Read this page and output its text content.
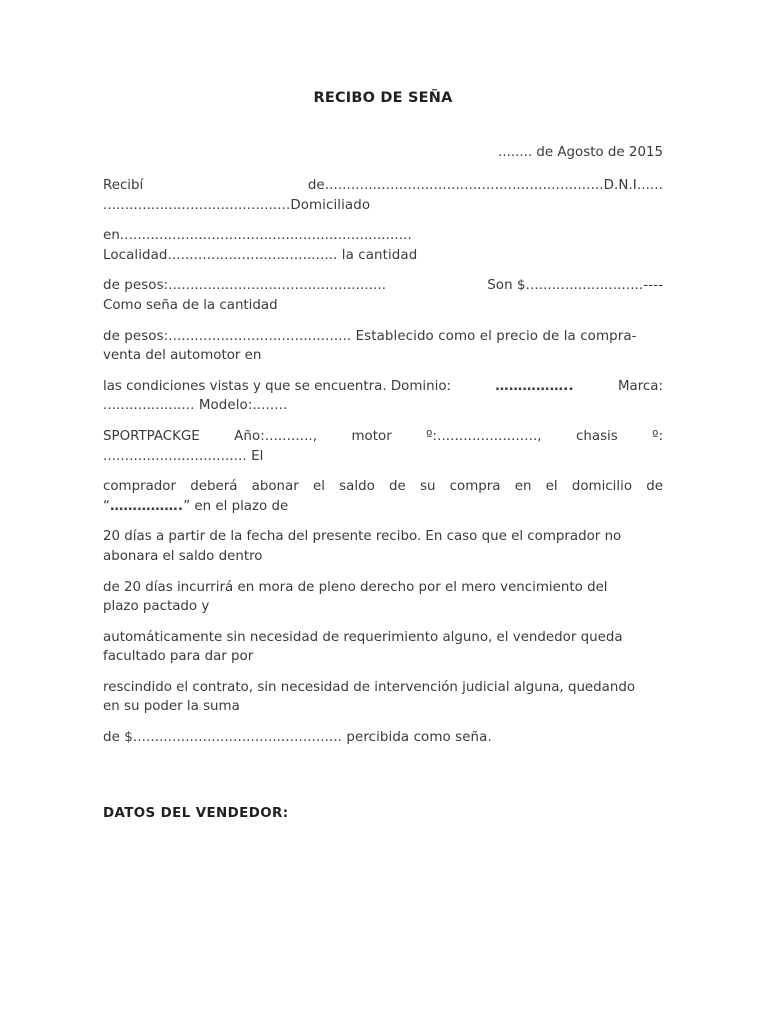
RECIBO DE SEÑA

........ de Agosto de 2015

Recibí	de................................................................D.N.I......
...........................................Domiciliado

en...................................................................
Localidad....................................... la cantidad

de pesos:..................................................	Son $...........................----
Como seña de la cantidad

de pesos:.......................................... Establecido como el precio de la compra-
venta del automotor en

las condiciones vistas y que se encuentra. Dominio:	……………..	Marca:
..................... Modelo:........

SPORTPACKGE	Año:...........,	motor	º:.......................,	chasis	º:
................................. El

comprador deberá abonar el saldo de su compra en el domicilio de
“…………….” en el plazo de

20 días a partir de la fecha del presente recibo. En caso que el comprador no
abonara el saldo dentro

de 20 días incurrirá en mora de pleno derecho por el mero vencimiento del
plazo pactado y

automáticamente sin necesidad de requerimiento alguno, el vendedor queda
facultado para dar por

rescindido el contrato, sin necesidad de intervención judicial alguna, quedando
en su poder la suma

de $................................................ percibida como seña.

DATOS DEL VENDEDOR:
